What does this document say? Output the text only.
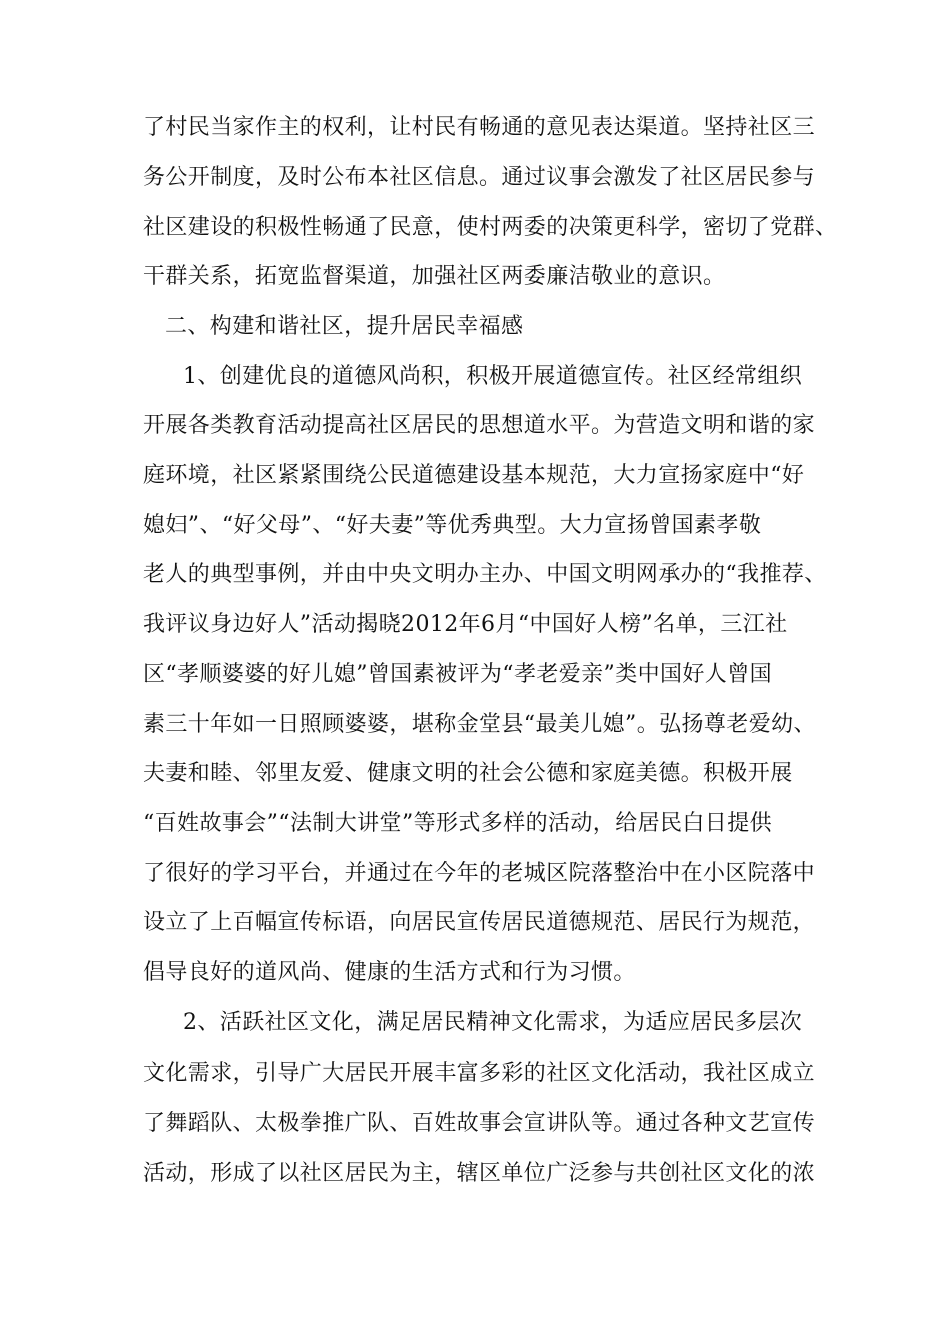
了村民当家作主的权利，让村民有畅通的意见表达渠道。坚持社区三
务公开制度，及时公布本社区信息。通过议事会激发了社区居民参与
社区建设的积极性畅通了民意，使村两委的决策更科学，密切了党群、
干群关系，拓宽监督渠道，加强社区两委廉洁敬业的意识。
二、构建和谐社区，提升居民幸福感
1、创建优良的道德风尚积，积极开展道德宣传。社区经常组织
开展各类教育活动提高社区居民的思想道水平。为营造文明和谐的家
庭环境，社区紧紧围绕公民道德建设基本规范，大力宣扬家庭中“好
媳妇”、“好父母”、“好夫妻”等优秀典型。大力宣扬曾国素孝敬
老人的典型事例，并由中央文明办主办、中国文明网承办的“我推荐、
我评议身边好人”活动揭晓2012年6月“中国好人榜”名单，三江社
区“孝顺婆婆的好儿媳”曾国素被评为“孝老爱亲”类中国好人曾国
素三十年如一日照顾婆婆，堪称金堂县“最美儿媳”。弘扬尊老爱幼、
夫妻和睦、邻里友爱、健康文明的社会公德和家庭美德。积极开展
“百姓故事会”“法制大讲堂”等形式多样的活动，给居民白日提供
了很好的学习平台，并通过在今年的老城区院落整治中在小区院落中
设立了上百幅宣传标语，向居民宣传居民道德规范、居民行为规范，
倡导良好的道风尚、健康的生活方式和行为习惯。
2、活跃社区文化，满足居民精神文化需求，为适应居民多层次
文化需求，引导广大居民开展丰富多彩的社区文化活动，我社区成立
了舞蹈队、太极拳推广队、百姓故事会宣讲队等。通过各种文艺宣传
活动，形成了以社区居民为主，辖区单位广泛参与共创社区文化的浓
